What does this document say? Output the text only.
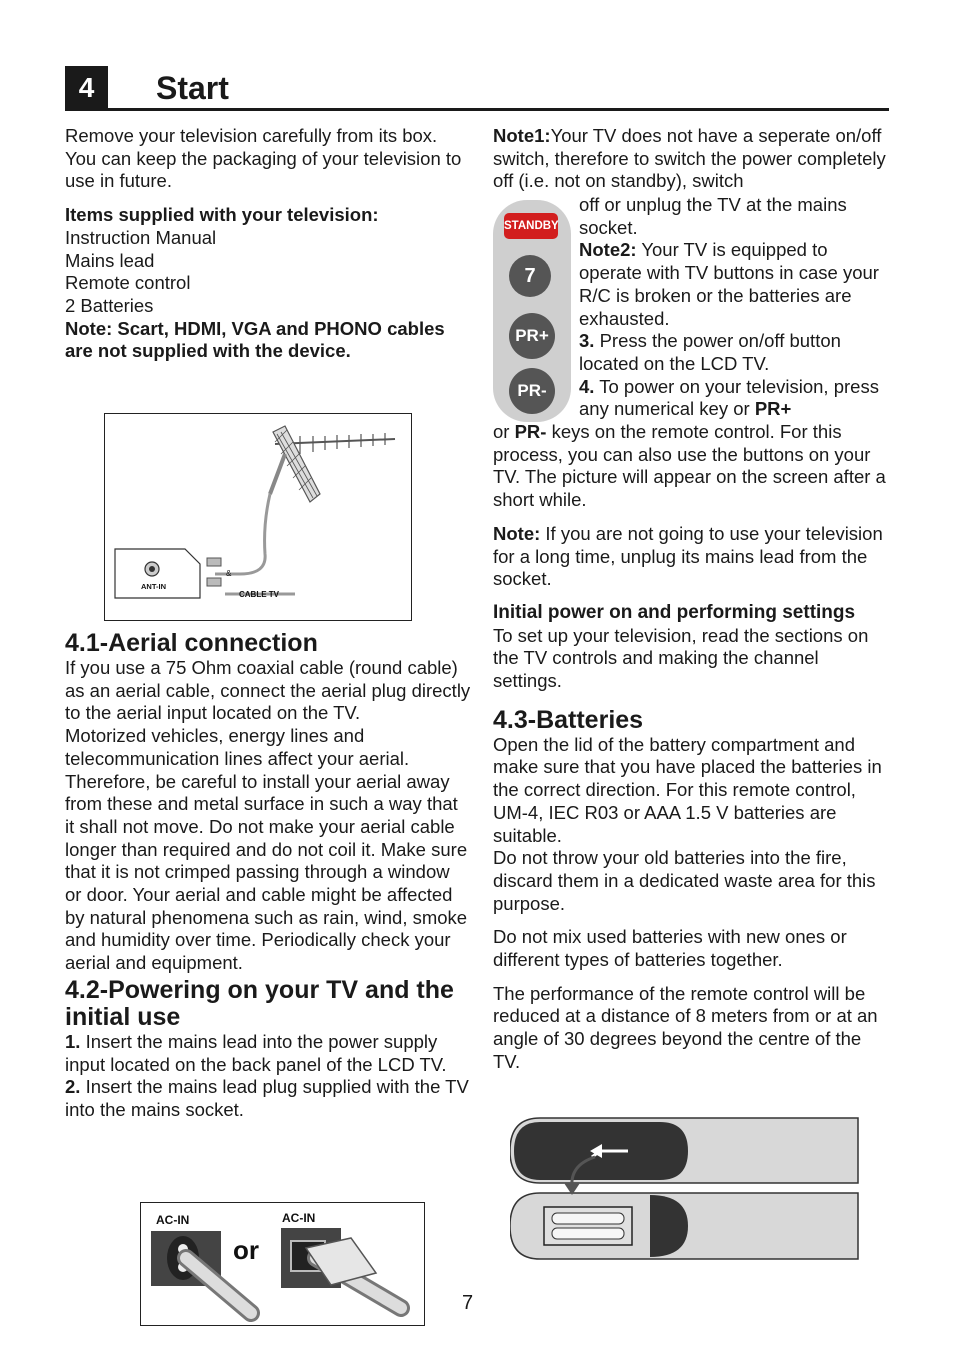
4	Start

Remove your television carefully from its box. You can keep the packaging of your television to use in future.

Items supplied with your television:

Instruction Manual

Mains lead

Remote control

2 Batteries

Note: Scart, HDMI, VGA and PHONO cables are not supplied with the device.

ANT-IN
&
CABLE TV
4.1-Aerial connection

If you use a 75 Ohm coaxial cable (round cable) as an aerial cable, connect the aerial plug directly to the aerial input located on the TV.

Motorized vehicles, energy lines and telecommunication lines affect your aerial. Therefore, be careful to install your aerial away from these and metal surface in such a way that it shall not move. Do not make your aerial cable longer than required and do not coil it. Make sure that it is not crimped passing through a window or door. Your aerial and cable might be affected by natural phenomena such as rain, wind, smoke and humidity over time. Periodically check your aerial and equipment.

4.2-Powering on your TV and the initial use

1. Insert the mains lead into the power supply input located on the back panel of the LCD TV.

2. Insert the mains lead plug supplied with the TV into the mains socket.

AC-IN	AC-IN
or

Note1:Your TV does not have a seperate on/off switch, therefore to switch the power completely off (i.e. not on standby), switch

STANDBY
7
PR+
PR-

off or unplug the TV at the mains socket.

Note2: Your TV is equipped to operate with TV buttons in case your R/C is broken or the batteries are exhausted.

3. Press the power on/off button located on the LCD TV.

4. To power on your television, press any numerical key or PR+

or PR- keys on the remote control. For this process, you can also use the buttons on your TV. The picture will appear on the screen after a short while.

Note: If you are not going to use your television for a long time, unplug its mains lead from the socket.

Initial power on and performing settings

To set up your television, read the sections on the TV controls and making the channel settings.

4.3-Batteries

Open the lid of the battery compartment and make sure that you have placed the batteries in the correct direction. For this remote control, UM-4, IEC R03 or AAA 1.5 V batteries are suitable.

Do not throw your old batteries into the fire, discard them in a dedicated waste area for this purpose.

Do not mix used batteries with new ones or different types of batteries together.

The performance of the remote control will be reduced at a distance of 8 meters from or at an angle of 30 degrees beyond the centre of the TV.

7
